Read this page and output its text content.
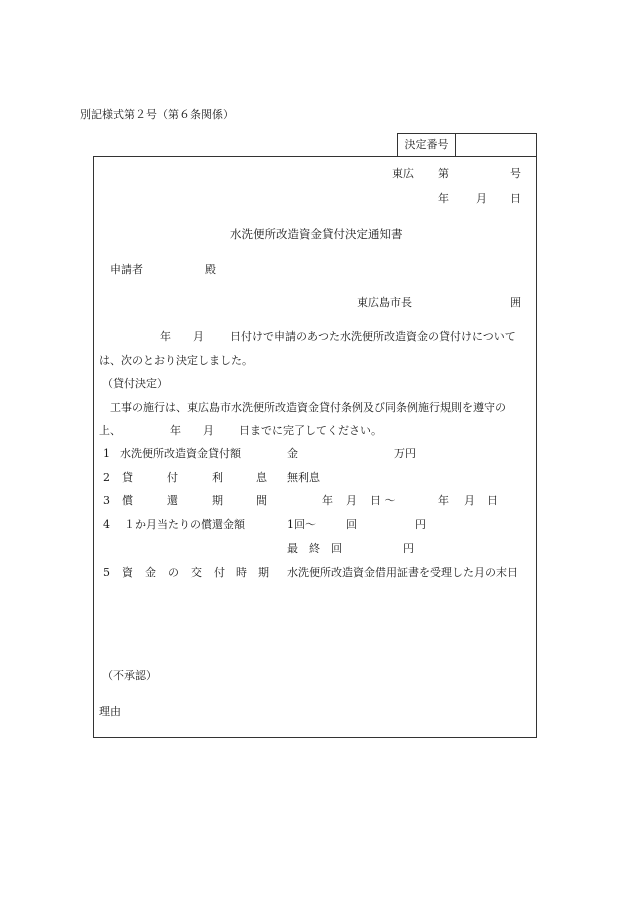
別記様式第２号（第６条関係）
決定番号
東広 第	号
年 月 日
水洗便所改造資金貸付決定通知書
申請者	殿
東広島市長	囲
年 月 日付けで申請のあつた水洗便所改造資金の貸付けについて
は、次のとおり決定しました。
（貸付決定）
工事の施行は、東広島市水洗便所改造資金貸付条例及び同条例施行規則を遵守の
上、	年 月 日までに完了してください。
1 水洗便所改造資金貸付額	金	万円
2 貸	付	利	息 無利息
3 償	還	期	間	年 月 日 〜	年 月 日
4 １か月当たりの償還金額	1回〜	回	円
最　終　回	円
5 資 金 の 交 付 時 期 水洗便所改造資金借用証書を受理した月の末日
（不承認）
理由
